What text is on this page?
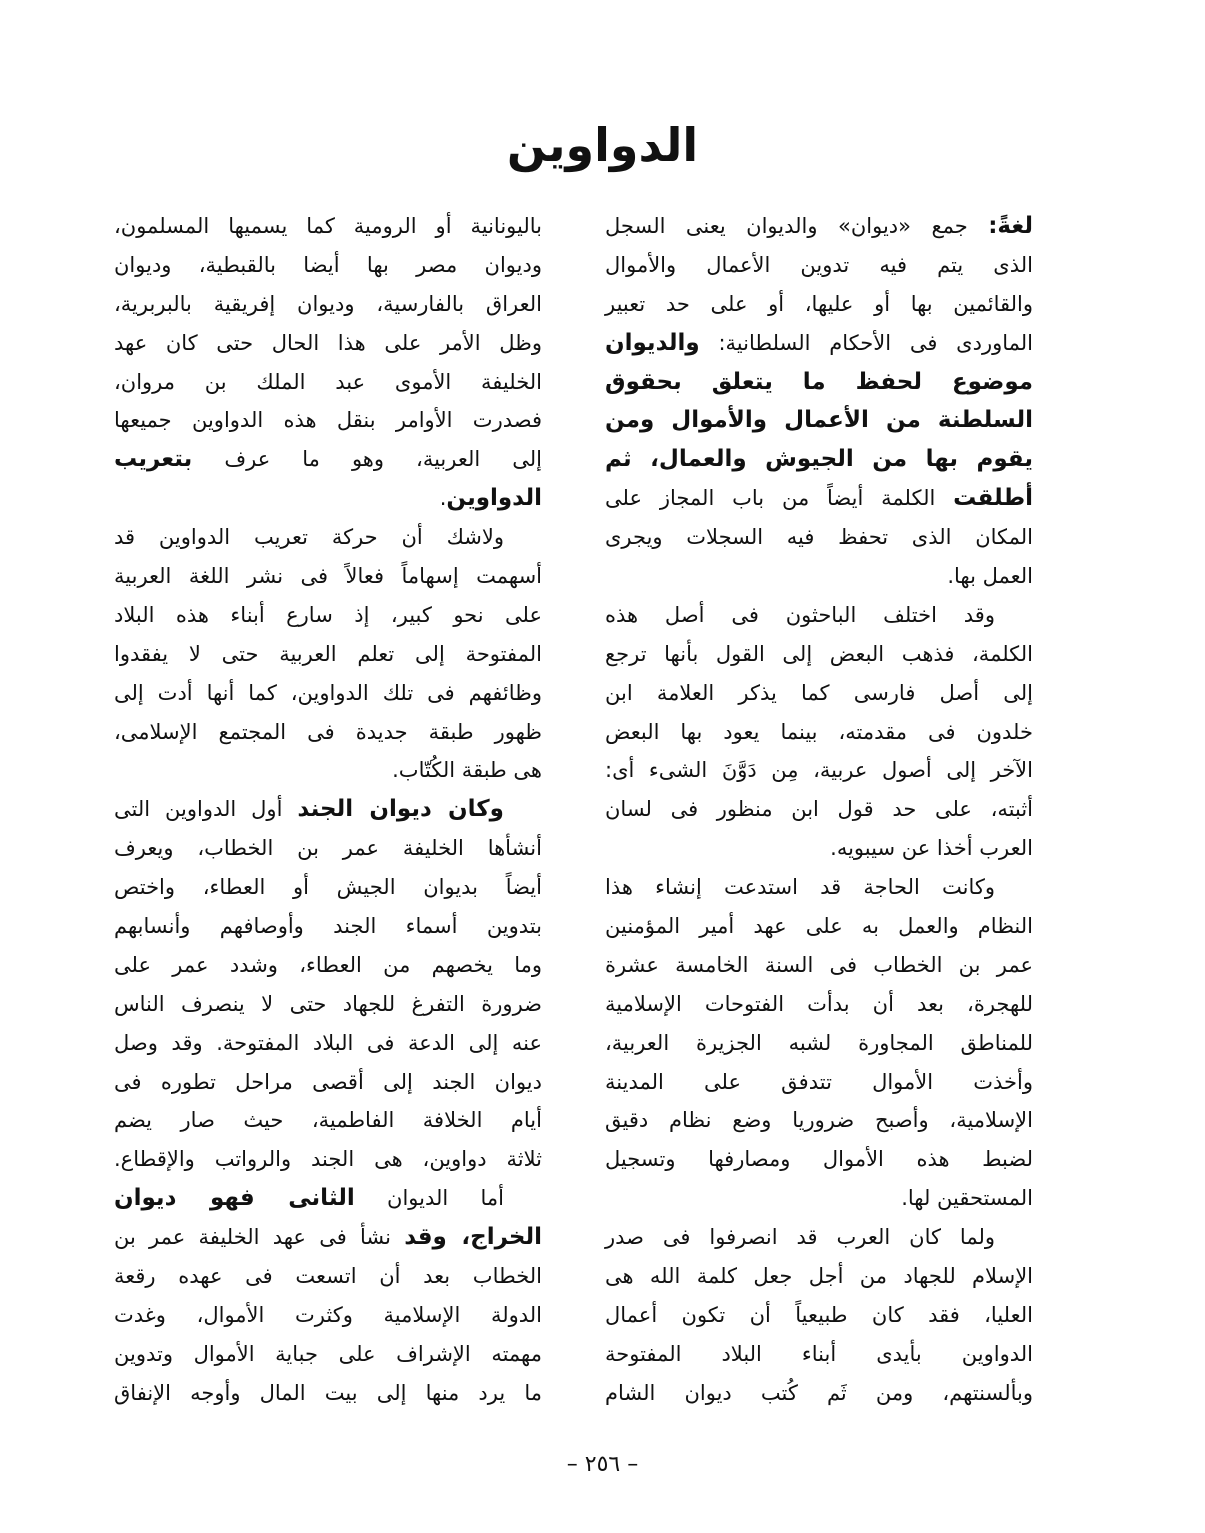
الدواوين
لغةً: جمع «ديوان» والديوان يعنى السجل
الذى يتم فيه تدوين الأعمال والأموال
والقائمين بها أو عليها، أو على حد تعبير
الماوردى فى الأحكام السلطانية: والديوان
موضوع لحفظ ما يتعلق بحقوق
السلطنة من الأعمال والأموال ومن
يقوم بها من الجيوش والعمال، ثم
أطلقت الكلمة أيضاً من باب المجاز على
المكان الذى تحفظ فيه السجلات ويجرى
العمل بها.
وقد اختلف الباحثون فى أصل هذه
الكلمة، فذهب البعض إلى القول بأنها ترجع
إلى أصل فارسى كما يذكر العلامة ابن
خلدون فى مقدمته، بينما يعود بها البعض
الآخر إلى أصول عربية، مِن دَوَّنَ الشىء أى:
أثبته، على حد قول ابن منظور فى لسان
العرب أخذا عن سيبويه.
وكانت الحاجة قد استدعت إنشاء هذا
النظام والعمل به على عهد أمير المؤمنين
عمر بن الخطاب فى السنة الخامسة عشرة
للهجرة، بعد أن بدأت الفتوحات الإسلامية
للمناطق المجاورة لشبه الجزيرة العربية،
وأخذت الأموال تتدفق على المدينة
الإسلامية، وأصبح ضروريا وضع نظام دقيق
لضبط هذه الأموال ومصارفها وتسجيل
المستحقين لها.
ولما كان العرب قد انصرفوا فى صدر
الإسلام للجهاد من أجل جعل كلمة الله هى
العليا، فقد كان طبيعياً أن تكون أعمال
الدواوين بأيدى أبناء البلاد المفتوحة
وبألسنتهم، ومن ثَم كُتب ديوان الشام
باليونانية أو الرومية كما يسميها المسلمون،
وديوان مصر بها أيضا بالقبطية، وديوان
العراق بالفارسية، وديوان إفريقية بالبربرية،
وظل الأمر على هذا الحال حتى كان عهد
الخليفة الأموى عبد الملك بن مروان،
فصدرت الأوامر بنقل هذه الدواوين جميعها
إلى العربية، وهو ما عرف بتعريب
الدواوين.
ولاشك أن حركة تعريب الدواوين قد
أسهمت إسهاماً فعالاً فى نشر اللغة العربية
على نحو كبير، إذ سارع أبناء هذه البلاد
المفتوحة إلى تعلم العربية حتى لا يفقدوا
وظائفهم فى تلك الدواوين، كما أنها أدت إلى
ظهور طبقة جديدة فى المجتمع الإسلامى،
هى طبقة الكُتّاب.
وكان ديوان الجند أول الدواوين التى
أنشأها الخليفة عمر بن الخطاب، ويعرف
أيضاً بديوان الجيش أو العطاء، واختص
بتدوين أسماء الجند وأوصافهم وأنسابهم
وما يخصهم من العطاء، وشدد عمر على
ضرورة التفرغ للجهاد حتى لا ينصرف الناس
عنه إلى الدعة فى البلاد المفتوحة. وقد وصل
ديوان الجند إلى أقصى مراحل تطوره فى
أيام الخلافة الفاطمية، حيث صار يضم
ثلاثة دواوين، هى الجند والرواتب والإقطاع.
أما الديوان الثانى فهو ديوان
الخراج، وقد نشأ فى عهد الخليفة عمر بن
الخطاب بعد أن اتسعت فى عهده رقعة
الدولة الإسلامية وكثرت الأموال، وغدت
مهمته الإشراف على جباية الأموال وتدوين
ما يرد منها إلى بيت المال وأوجه الإنفاق
– ٢٥٦ –
